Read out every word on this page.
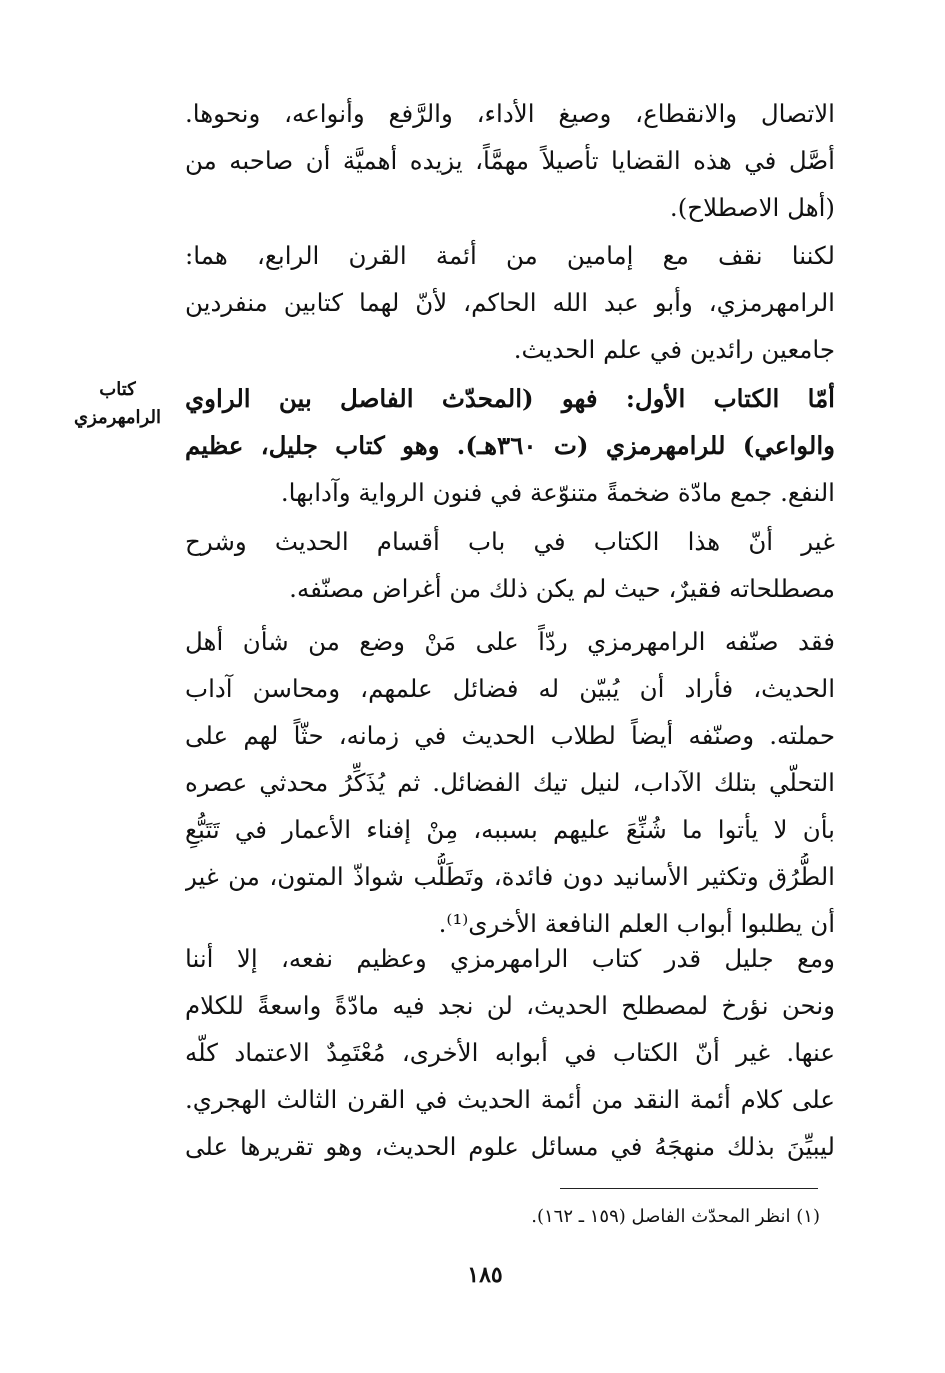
الاتصال والانقطاع، وصيغ الأداء، والرَّفع وأنواعه، ونحوها.
أصَّل في هذه القضايا تأصيلاً مهمَّاً، يزيده أهميَّة أن صاحبه من
(أهل الاصطلاح).
لكننا نقف مع إمامين من أئمة القرن الرابع، هما:
الرامهرمزي، وأبو عبد الله الحاكم، لأنّ لهما كتابين منفردين
جامعين رائدين في علم الحديث.
كتاب
الرامهرمزي
أمّا الكتاب الأول: فهو (المحدّث الفاصل بين الراوي
والواعي) للرامهرمزي (ت ٣٦٠هـ). وهو كتاب جليل، عظيم
النفع. جمع مادّة ضخمةً متنوّعة في فنون الرواية وآدابها.
غير أنّ هذا الكتاب في باب أقسام الحديث وشرح
مصطلحاته فقيرٌ، حيث لم يكن ذلك من أغراض مصنّفه.
فقد صنّفه الرامهرمزي ردّاً على مَنْ وضع من شأن أهل
الحديث، فأراد أن يُبيّن له فضائل علمهم، ومحاسن آداب
حملته. وصنّفه أيضاً لطلاب الحديث في زمانه، حثّاً لهم على
التحلّي بتلك الآداب، لنيل تيك الفضائل. ثم يُذَكِّرُ محدثي عصره
بأن لا يأتوا ما شُنِّعَ عليهم بسببه، مِنْ إفناء الأعمار في تَتَبُّعِ
الطُّرُق وتكثير الأسانيد دون فائدة، وتَطَلُّب شواذّ المتون، من غير
أن يطلبوا أبواب العلم النافعة الأخرى⁽¹⁾.
ومع جليل قدر كتاب الرامهرمزي وعظيم نفعه، إلا أننا
ونحن نؤرخ لمصطلح الحديث، لن نجد فيه مادّةً واسعةً للكلام
عنها. غير أنّ الكتاب في أبوابه الأخرى، مُعْتَمِدٌ الاعتماد كلّه
على كلام أئمة النقد من أئمة الحديث في القرن الثالث الهجري.
ليبيِّنَ بذلك منهجَهُ في مسائل علوم الحديث، وهو تقريرها على
(١) انظر المحدّث الفاصل (١٥٩ ـ ١٦٢).
١٨٥
